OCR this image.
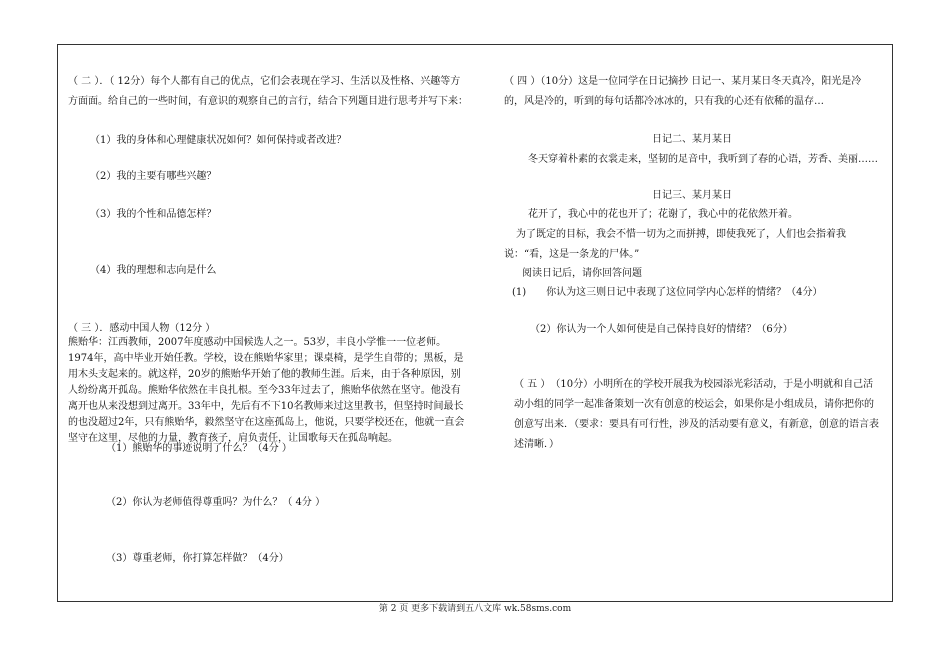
（ 二 ）．（ 12分）每个人都有自己的优点，它们会表现在学习、生活以及性格、兴趣等方方面面。给自己的一些时间，有意识的观察自己的言行，结合下列题目进行思考并写下来：
（1）我的身体和心理健康状况如何？如何保持或者改进？
（2）我的主要有哪些兴趣？
（3）我的个性和品德怎样？
（4）我的理想和志向是什么
（ 三 ）．感动中国人物（12分 ）
熊贻华：江西教师，2007年度感动中国候选人之一。53岁，丰良小学惟一一位老师。1974年，高中毕业开始任教。学校，设在熊贻华家里；课桌椅，是学生自带的；黑板，是用木头支起来的。就这样，20岁的熊贻华开始了他的教师生涯。后来，由于各种原因，别人纷纷离开孤岛。熊贻华依然在丰良扎根。至今33年过去了，熊贻华依然在坚守。他没有离开也从来没想到过离开。33年中，先后有不下10名教师来过这里教书，但坚持时间最长的也没超过2年，只有熊贻华，毅然坚守在这座孤岛上，他说，只要学校还在，他就一直会坚守在这里，尽他的力量，教育孩子，肩负责任，让国歌每天在孤岛响起。
（1）熊贻华的事迹说明了什么？（4分 ）
（2）你认为老师值得尊重吗？为什么？（ 4分 ）
（3）尊重老师，你打算怎样做？（4分）
（ 四 ）（10分）这是一位同学在日记摘抄 日记一、某月某日冬天真冷，阳光是冷的，风是冷的，听到的每句话都冷冰冰的，只有我的心还有依稀的温存…
日记二、某月某日
冬天穿着朴素的衣裳走来，坚韧的足音中，我听到了春的心语，芳香、美丽……
日记三、某月某日
花开了，我心中的花也开了；花谢了，我心中的花依然开着。
为了既定的目标，我会不惜一切为之而拼搏，即使我死了，人们也会指着我说：“看，这是一条龙的尸体。”
阅读日记后，请你回答问题
(1)　　你认为这三则日记中表现了这位同学内心怎样的情绪？（4分）
（2）你认为一个人如何使是自己保持良好的情绪？（6分）
（ 五 ）　（10分）小明所在的学校开展我为校园添光彩活动，于是小明就和自己活动小组的同学一起准备策划一次有创意的校运会，如果你是小组成员，请你把你的创意写出来．（要求：要具有可行性，涉及的活动要有意义，有新意，创意的语言表述清晰．）
第 2 页 更多下载请到五八文库 wk.58sms.com
